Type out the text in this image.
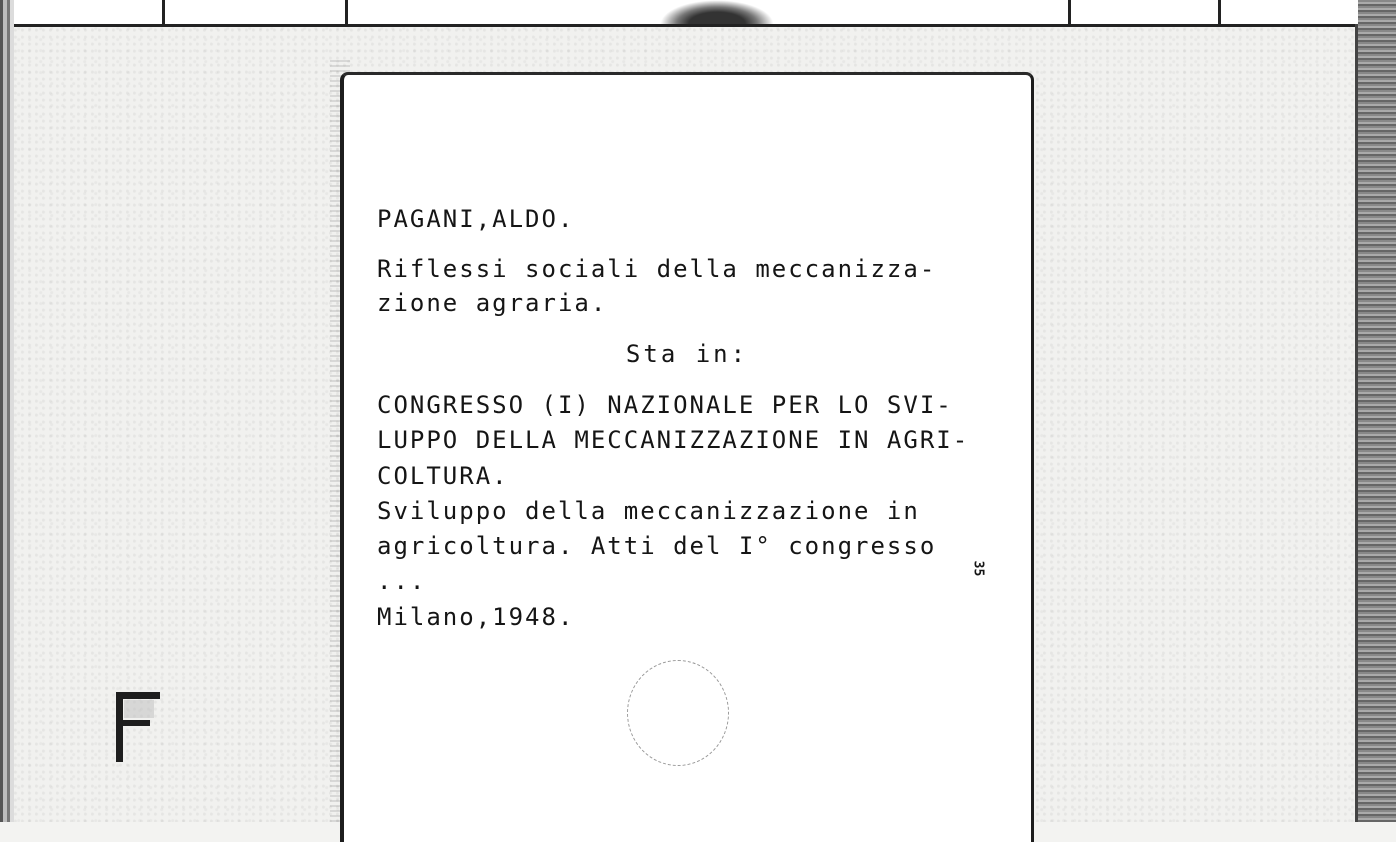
PAGANI,ALDO.
Riflessi sociali della meccanizza-
zione agraria.
Sta in:
CONGRESSO (I) NAZIONALE PER LO SVI-
LUPPO DELLA MECCANIZZAZIONE IN AGRI-
COLTURA.
Sviluppo della meccanizzazione in
agricoltura. Atti del I° congresso
...
Milano,1948.
35
